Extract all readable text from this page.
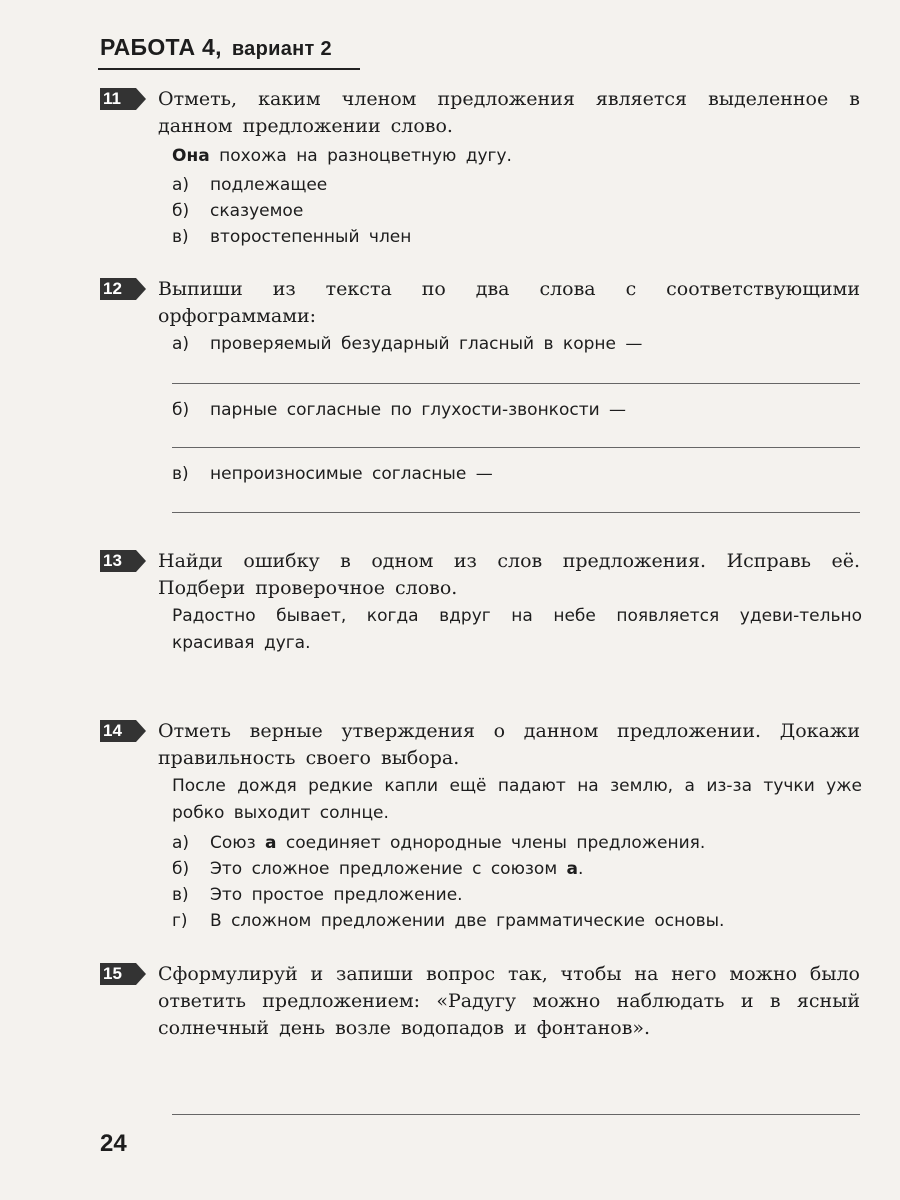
РАБОТА 4, вариант 2
11	Отметь, каким членом предложения является выделенное в данном предложении слово.
Она похожа на разноцветную дугу.
а) подлежащее
б) сказуемое
в) второстепенный член
12	Выпиши из текста по два слова с соответствующими орфограммами:
а) проверяемый безударный гласный в корне —
б) парные согласные по глухости-звонкости —
в) непроизносимые согласные —
13	Найди ошибку в одном из слов предложения. Исправь её. Подбери проверочное слово.
Радостно бывает, когда вдруг на небе появляется удеви-тельно красивая дуга.
14	Отметь верные утверждения о данном предложении. Докажи правильность своего выбора.
После дождя редкие капли ещё падают на землю, а из-за тучки уже робко выходит солнце.
а) Союз а соединяет однородные члены предложения.
б) Это сложное предложение с союзом а.
в) Это простое предложение.
г) В сложном предложении две грамматические основы.
15	Сформулируй и запиши вопрос так, чтобы на него можно было ответить предложением: «Радугу можно наблюдать и в ясный солнечный день возле водопадов и фонтанов».
24
